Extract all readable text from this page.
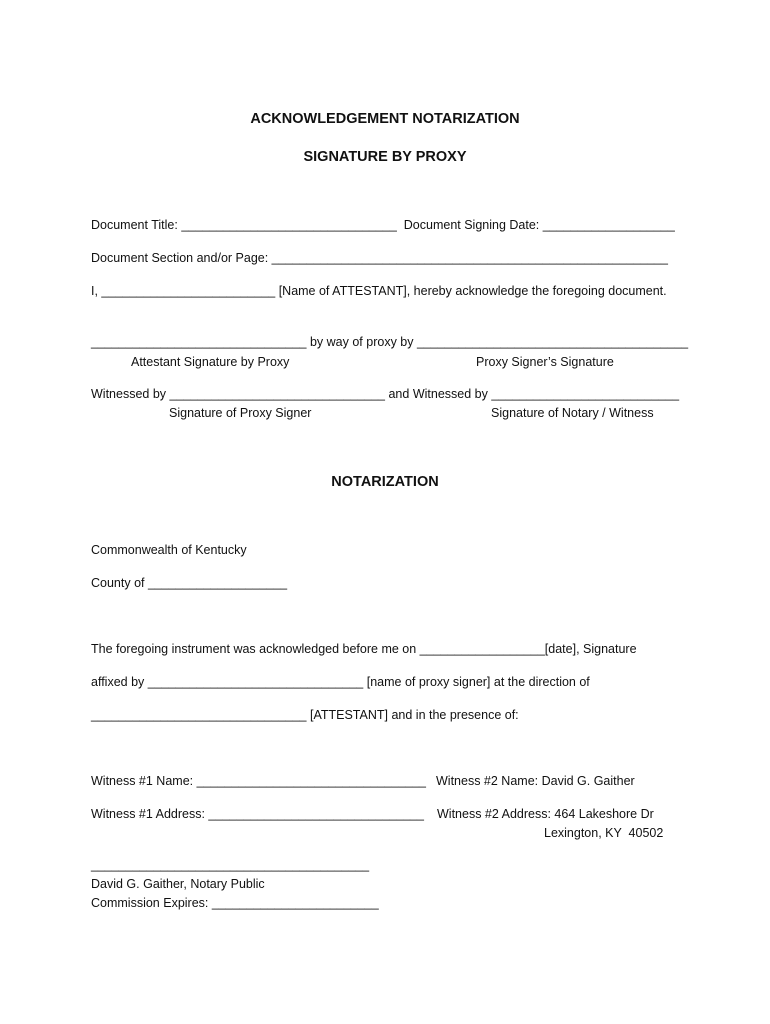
ACKNOWLEDGEMENT NOTARIZATION
SIGNATURE BY PROXY
Document Title: _______________________________  Document Signing Date: ___________________
Document Section and/or Page: _________________________________________________________
I, _________________________ [Name of ATTESTANT], hereby acknowledge the foregoing document.
_______________________________ by way of proxy by _______________________________________
Attestant Signature by Proxy	Proxy Signer’s Signature
Witnessed by _______________________________ and Witnessed by ___________________________
Signature of Proxy Signer	Signature of Notary / Witness
NOTARIZATION
Commonwealth of Kentucky
County of ____________________
The foregoing instrument was acknowledged before me on __________________[date], Signature
affixed by _______________________________ [name of proxy signer] at the direction of
_______________________________ [ATTESTANT] and in the presence of:
Witness #1 Name: _________________________________ Witness #2 Name: David G. Gaither
Witness #1 Address: _______________________________ Witness #2 Address: 464 Lakeshore Dr
Lexington, KY  40502
________________________________________
David G. Gaither, Notary Public
Commission Expires: ________________________
